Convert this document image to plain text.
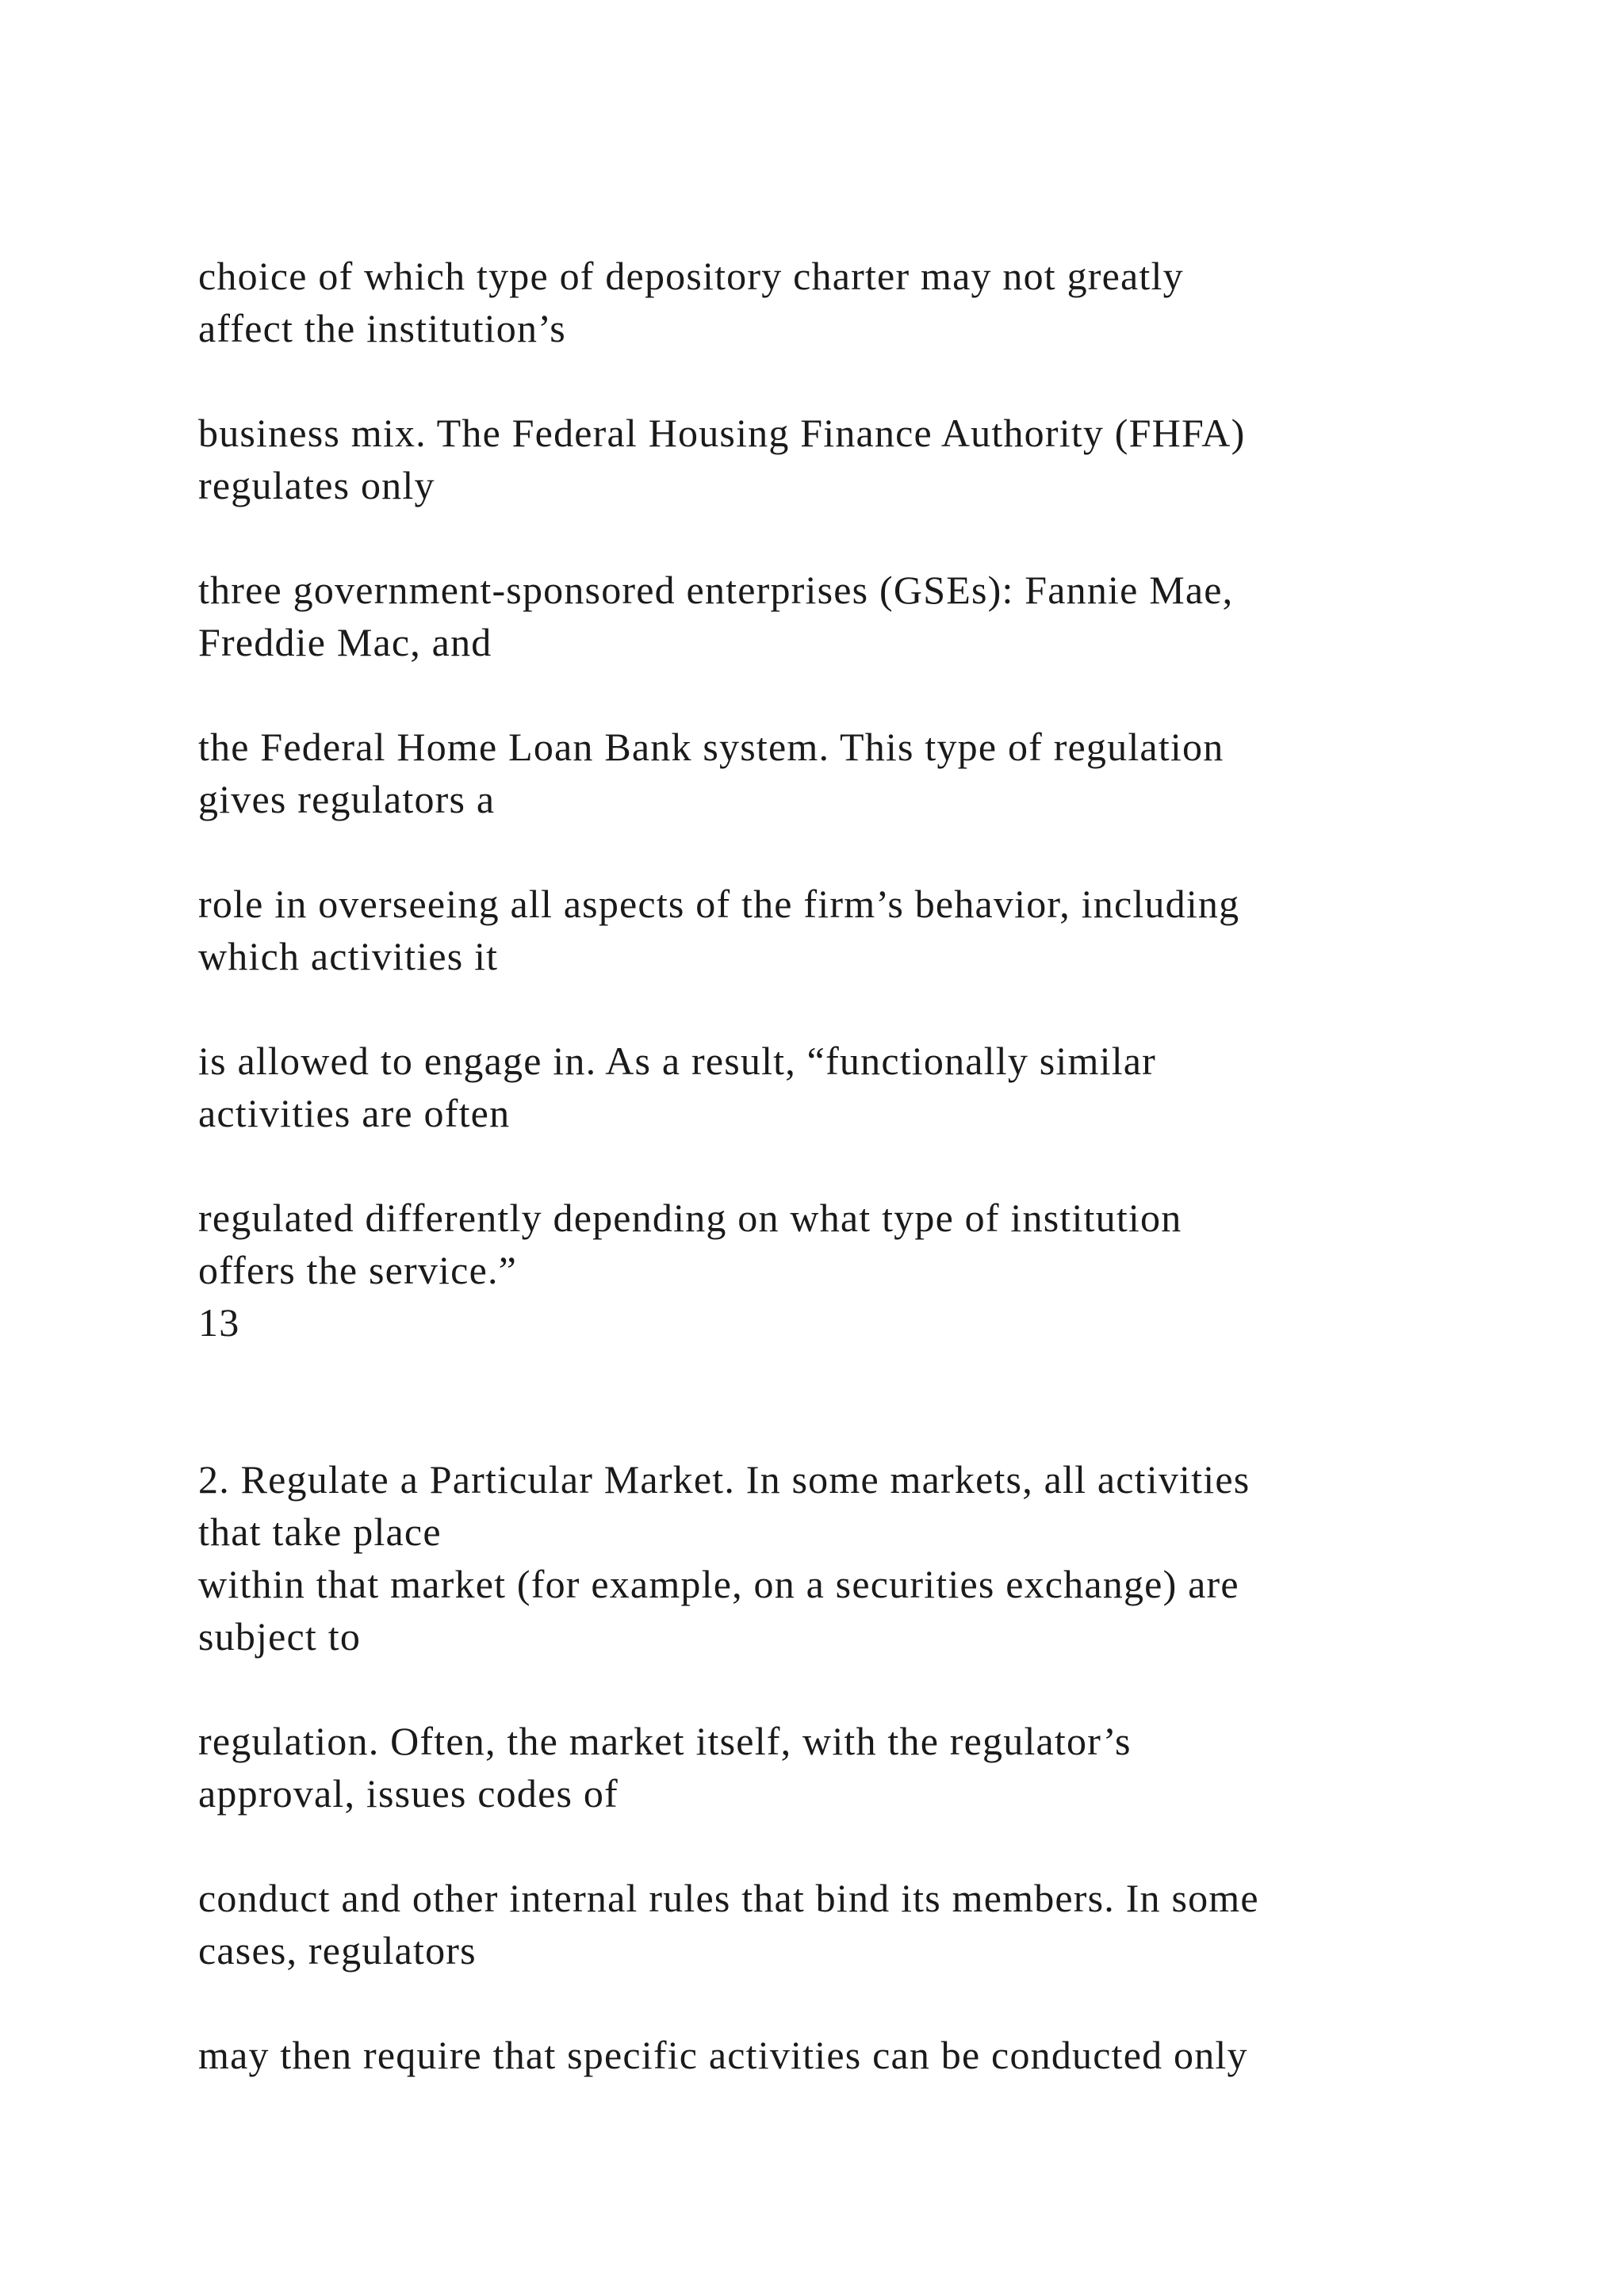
choice of which type of depository charter may not greatly

affect the institution’s

business mix. The Federal Housing Finance Authority (FHFA)

regulates only

three government-sponsored enterprises (GSEs): Fannie Mae,

Freddie Mac, and

the Federal Home Loan Bank system. This type of regulation

gives regulators a

role in overseeing all aspects of the firm’s behavior, including

which activities it

is allowed to engage in. As a result, “functionally similar

activities are often

regulated differently depending on what type of institution

offers the service.”

13

2. Regulate a Particular Market. In some markets, all activities

that take place

within that market (for example, on a securities exchange) are

subject to

regulation. Often, the market itself, with the regulator’s

approval, issues codes of

conduct and other internal rules that bind its members. In some

cases, regulators

may then require that specific activities can be conducted only
